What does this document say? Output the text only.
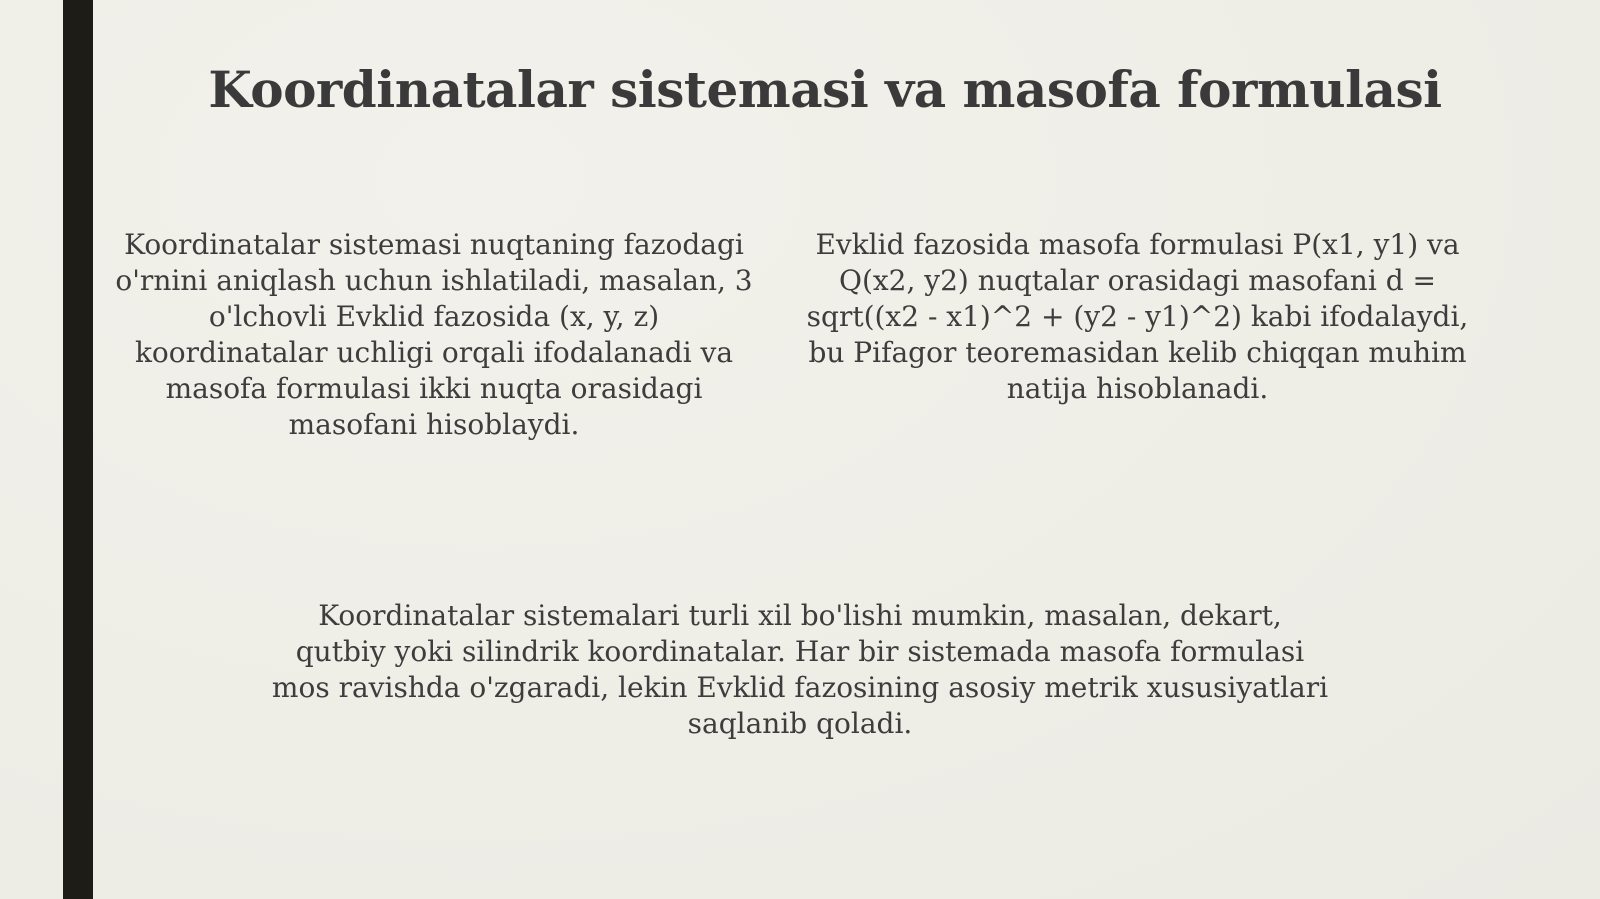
Koordinatalar sistemasi va masofa formulasi

Koordinatalar sistemasi nuqtaning fazodagi o'rnini aniqlash uchun ishlatiladi, masalan, 3 o'lchovli Evklid fazosida (x, y, z) koordinatalar uchligi orqali ifodalanadi va masofa formulasi ikki nuqta orasidagi masofani hisoblaydi.

Evklid fazosida masofa formulasi P(x1, y1) va Q(x2, y2) nuqtalar orasidagi masofani d = sqrt((x2 - x1)^2 + (y2 - y1)^2) kabi ifodalaydi, bu Pifagor teoremasidan kelib chiqqan muhim natija hisoblanadi.

Koordinatalar sistemalari turli xil bo'lishi mumkin, masalan, dekart, qutbiy yoki silindrik koordinatalar. Har bir sistemada masofa formulasi mos ravishda o'zgaradi, lekin Evklid fazosining asosiy metrik xususiyatlari saqlanib qoladi.
